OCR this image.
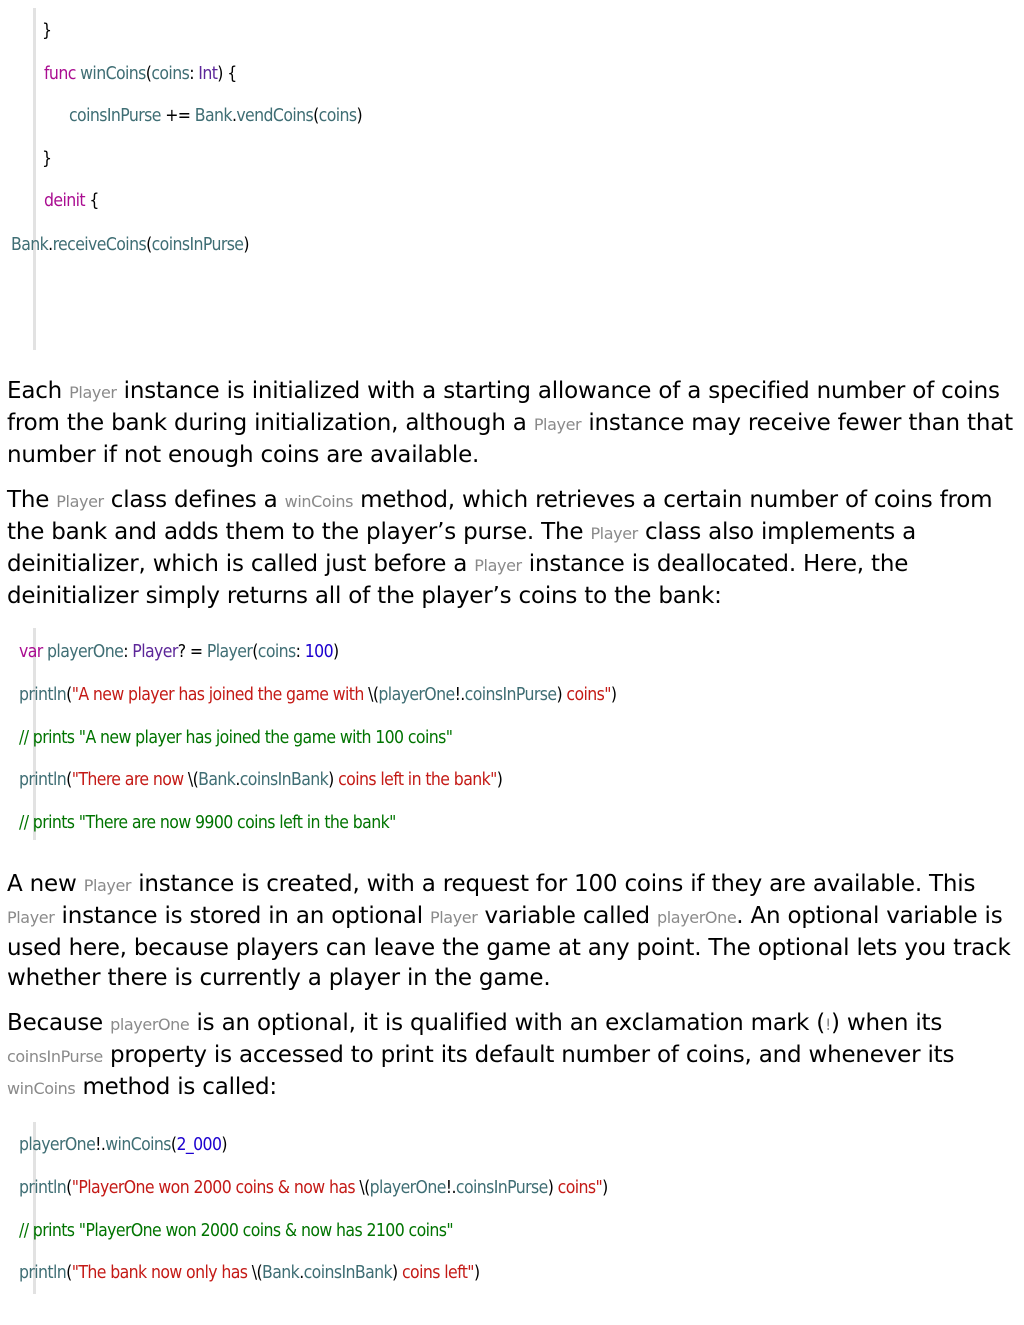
}
func winCoins(coins: Int) {
coinsInPurse += Bank.vendCoins(coins)
}
deinit {
Bank.receiveCoins(coinsInPurse)

Each Player instance is initialized with a starting allowance of a specified number of coins from the bank during initialization, although a Player instance may receive fewer than that number if not enough coins are available.

The Player class defines a winCoins method, which retrieves a certain number of coins from the bank and adds them to the player’s purse. The Player class also implements a deinitializer, which is called just before a Player instance is deallocated. Here, the deinitializer simply returns all of the player’s coins to the bank:

var playerOne: Player? = Player(coins: 100)
println("A new player has joined the game with \(playerOne!.coinsInPurse) coins")
// prints "A new player has joined the game with 100 coins"
println("There are now \(Bank.coinsInBank) coins left in the bank")
// prints "There are now 9900 coins left in the bank"

A new Player instance is created, with a request for 100 coins if they are available. This Player instance is stored in an optional Player variable called playerOne. An optional variable is used here, because players can leave the game at any point. The optional lets you track whether there is currently a player in the game.

Because playerOne is an optional, it is qualified with an exclamation mark (!) when its coinsInPurse property is accessed to print its default number of coins, and whenever its winCoins method is called:

playerOne!.winCoins(2_000)
println("PlayerOne won 2000 coins & now has \(playerOne!.coinsInPurse) coins")
// prints "PlayerOne won 2000 coins & now has 2100 coins"
println("The bank now only has \(Bank.coinsInBank) coins left")
